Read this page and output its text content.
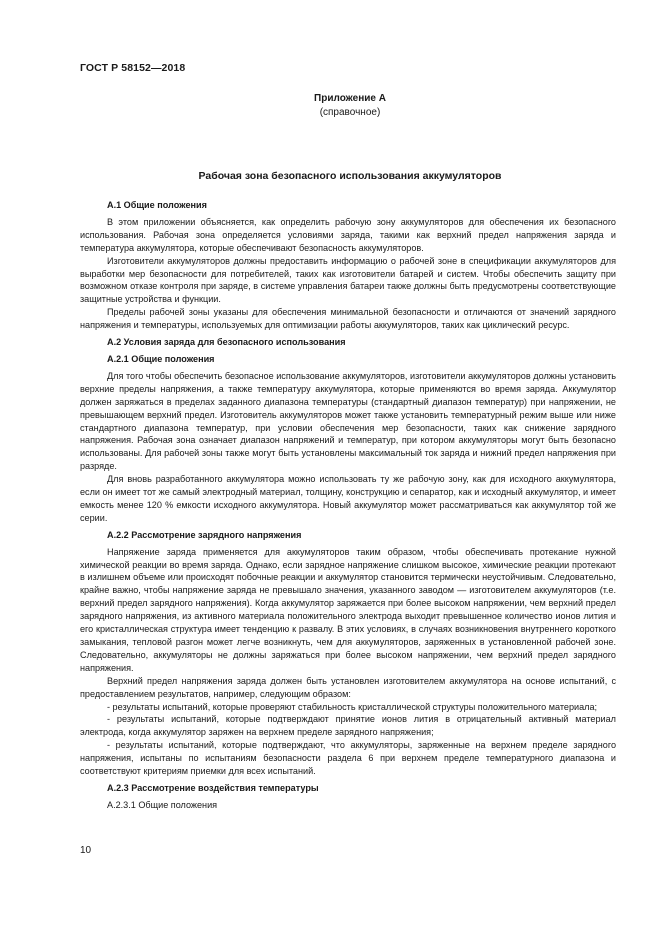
ГОСТ Р 58152—2018
Приложение А
(справочное)
Рабочая зона безопасного использования аккумуляторов
А.1 Общие положения

В этом приложении объясняется, как определить рабочую зону аккумуляторов для обеспечения их безопасного использования. Рабочая зона определяется условиями заряда, такими как верхний предел напряжения заряда и температура аккумулятора, которые обеспечивают безопасность аккумуляторов.

Изготовители аккумуляторов должны предоставить информацию о рабочей зоне в спецификации аккумуляторов для выработки мер безопасности для потребителей, таких как изготовители батарей и систем. Чтобы обеспечить защиту при возможном отказе контроля при заряде, в системе управления батареи также должны быть предусмотрены соответствующие защитные устройства и функции.

Пределы рабочей зоны указаны для обеспечения минимальной безопасности и отличаются от значений зарядного напряжения и температуры, используемых для оптимизации работы аккумуляторов, таких как циклический ресурс.

А.2 Условия заряда для безопасного использования
А.2.1 Общие положения

Для того чтобы обеспечить безопасное использование аккумуляторов, изготовители аккумуляторов должны установить верхние пределы напряжения, а также температуру аккумулятора, которые применяются во время заряда. Аккумулятор должен заряжаться в пределах заданного диапазона температуры (стандартный диапазон температур) при напряжении, не превышающем верхний предел. Изготовитель аккумуляторов может также установить температурный режим выше или ниже стандартного диапазона температур, при условии обеспечения мер безопасности, таких как снижение зарядного напряжения. Рабочая зона означает диапазон напряжений и температур, при котором аккумуляторы могут быть безопасно использованы. Для рабочей зоны также могут быть установлены максимальный ток заряда и нижний предел напряжения при разряде.

Для вновь разработанного аккумулятора можно использовать ту же рабочую зону, как для исходного аккумулятора, если он имеет тот же самый электродный материал, толщину, конструкцию и сепаратор, как и исходный аккумулятор, и имеет емкость менее 120 % емкости исходного аккумулятора. Новый аккумулятор может рассматриваться как аккумулятор той же серии.

А.2.2 Рассмотрение зарядного напряжения

Напряжение заряда применяется для аккумуляторов таким образом, чтобы обеспечивать протекание нужной химической реакции во время заряда. Однако, если зарядное напряжение слишком высокое, химические реакции протекают в излишнем объеме или происходят побочные реакции и аккумулятор становится термически неустойчивым. Следовательно, крайне важно, чтобы напряжение заряда не превышало значения, указанного заводом — изготовителем аккумуляторов (т.е. верхний предел зарядного напряжения). Когда аккумулятор заряжается при более высоком напряжении, чем верхний предел зарядного напряжения, из активного материала положительного электрода выходит превышенное количество ионов лития и его кристаллическая структура имеет тенденцию к развалу. В этих условиях, в случаях возникновения внутреннего короткого замыкания, тепловой разгон может легче возникнуть, чем для аккумуляторов, заряженных в установленной рабочей зоне. Следовательно, аккумуляторы не должны заряжаться при более высоком напряжении, чем верхний предел зарядного напряжения.

Верхний предел напряжения заряда должен быть установлен изготовителем аккумулятора на основе испытаний, с предоставлением результатов, например, следующим образом:

- результаты испытаний, которые проверяют стабильность кристаллической структуры положительного материала;

- результаты испытаний, которые подтверждают принятие ионов лития в отрицательный активный материал электрода, когда аккумулятор заряжен на верхнем пределе зарядного напряжения;

- результаты испытаний, которые подтверждают, что аккумуляторы, заряженные на верхнем пределе зарядного напряжения, испытаны по испытаниям безопасности раздела 6 при верхнем пределе температурного диапазона и соответствуют критериям приемки для всех испытаний.

А.2.3 Рассмотрение воздействия температуры
А.2.3.1 Общие положения
10
